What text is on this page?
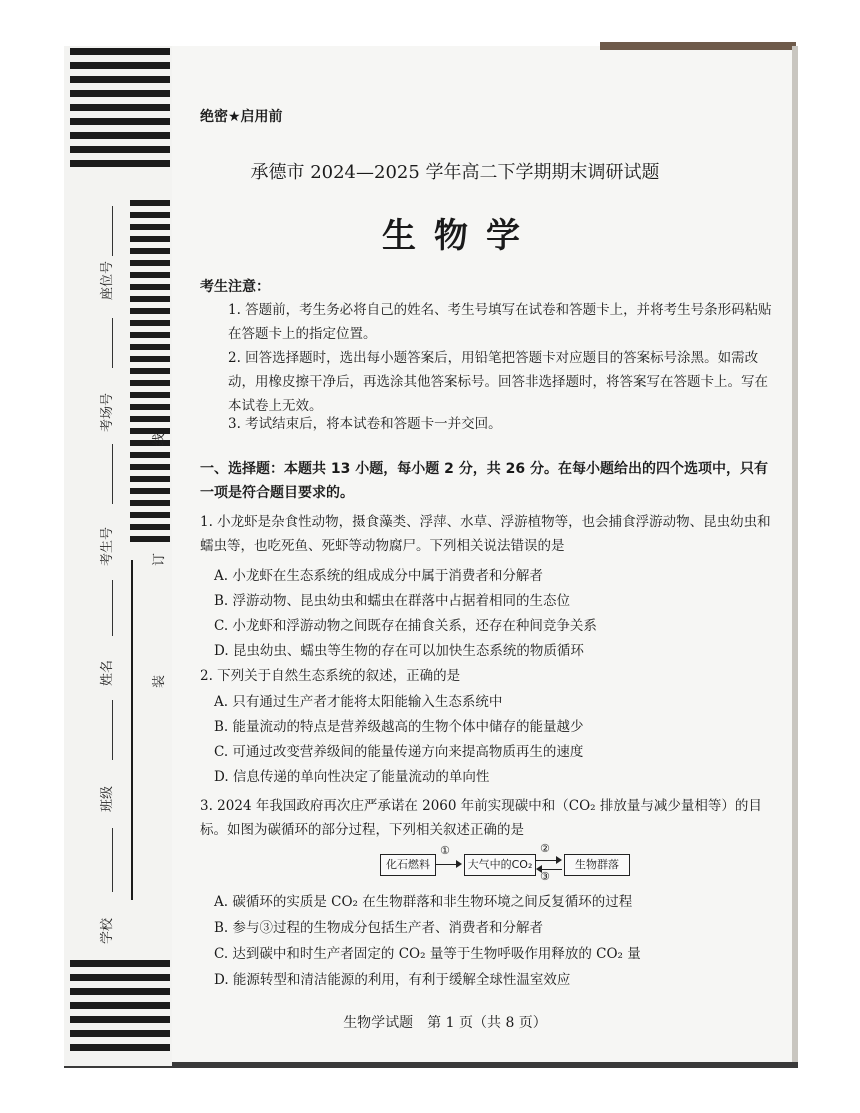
座位号
考场号
考生号
姓名
班级
学校
线
订
装
绝密★启用前
承德市 2024—2025 学年高二下学期期末调研试题
生物学
考生注意：
1. 答题前，考生务必将自己的姓名、考生号填写在试卷和答题卡上，并将考生号条形码粘贴在答题卡上的指定位置。
2. 回答选择题时，选出每小题答案后，用铅笔把答题卡对应题目的答案标号涂黑。如需改动，用橡皮擦干净后，再选涂其他答案标号。回答非选择题时，将答案写在答题卡上。写在本试卷上无效。
3. 考试结束后，将本试卷和答题卡一并交回。
一、选择题：本题共 13 小题，每小题 2 分，共 26 分。在每小题给出的四个选项中，只有一项是符合题目要求的。
1. 小龙虾是杂食性动物，摄食藻类、浮萍、水草、浮游植物等，也会捕食浮游动物、昆虫幼虫和蠕虫等，也吃死鱼、死虾等动物腐尸。下列相关说法错误的是
A. 小龙虾在生态系统的组成成分中属于消费者和分解者
B. 浮游动物、昆虫幼虫和蠕虫在群落中占据着相同的生态位
C. 小龙虾和浮游动物之间既存在捕食关系，还存在种间竞争关系
D. 昆虫幼虫、蠕虫等生物的存在可以加快生态系统的物质循环
2. 下列关于自然生态系统的叙述，正确的是
A. 只有通过生产者才能将太阳能输入生态系统中
B. 能量流动的特点是营养级越高的生物个体中储存的能量越少
C. 可通过改变营养级间的能量传递方向来提高物质再生的速度
D. 信息传递的单向性决定了能量流动的单向性
3. 2024 年我国政府再次庄严承诺在 2060 年前实现碳中和（CO₂ 排放量与减少量相等）的目标。如图为碳循环的部分过程，下列相关叙述正确的是
化石燃料
①
大气中的CO₂
②
③
生物群落
A. 碳循环的实质是 CO₂ 在生物群落和非生物环境之间反复循环的过程
B. 参与③过程的生物成分包括生产者、消费者和分解者
C. 达到碳中和时生产者固定的 CO₂ 量等于生物呼吸作用释放的 CO₂ 量
D. 能源转型和清洁能源的利用，有利于缓解全球性温室效应
生物学试题　第 1 页（共 8 页）
